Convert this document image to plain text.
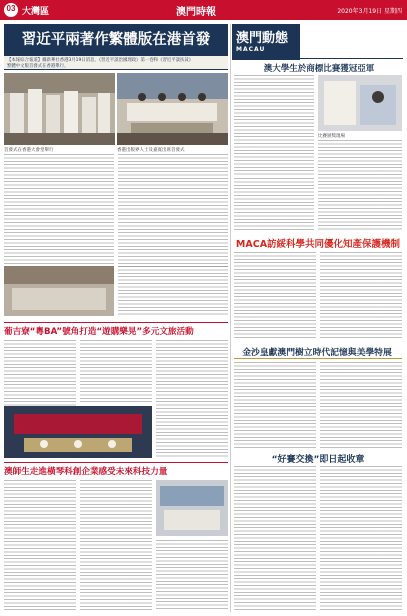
03 大灣區	澳門時報	2020年3月19日 星期四
習近平兩著作繁體版在港首發
【本報綜合報道】據新華社香港3月19日消息，《習近平談治國理政》第一卷和《習近平談扶貧》
繁體中文版首發式在香港舉行。
首發式在香港大會堂舉行	香港出版界人士及嘉賓出席首發式
澳門動態
MACAU
澳大學生於商標比賽獲冠亞軍
比賽頒獎現場
MACA訪綏科學共同優化知產保護機制
金沙皇獻澳門樹立時代記憶與美學特展
“好賽交換”即日起收章
葡吉寮“粵BA”號角打造“遊購樂晃”多元文旅活動
澳師生走進橫琴科創企業感受未來科技力量
